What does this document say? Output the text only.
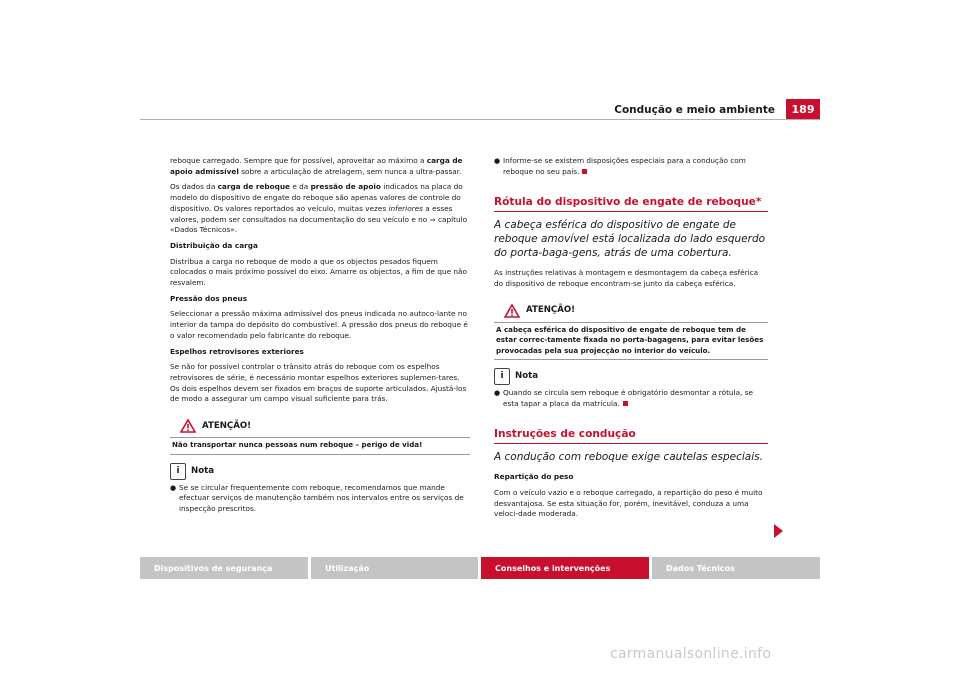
Condução e meio ambiente	189

reboque carregado. Sempre que for possível, aproveitar ao máximo a carga de apoio admissível sobre a articulação de atrelagem, sem nunca a ultra-passar.

Os dados da carga de reboque e da pressão de apoio indicados na placa do modelo do dispositivo de engate do reboque são apenas valores de controle do dispositivo. Os valores reportados ao veículo, muitas vezes inferiores a esses valores, podem ser consultados na documentação do seu veículo e no ⇒ capítulo «Dados Técnicos».

Distribuição da carga

Distribua a carga no reboque de modo a que os objectos pesados fiquem colocados o mais próximo possível do eixo. Amarre os objectos, a fim de que não resvalem.

Pressão dos pneus

Seleccionar a pressão máxima admissível dos pneus indicada no autoco-lante no interior da tampa do depósito do combustível. A pressão dos pneus do reboque é o valor recomendado pelo fabricante do reboque.

Espelhos retrovisores exteriores

Se não for possível controlar o trânsito atrás do reboque com os espelhos retrovisores de série, é necessário montar espelhos exteriores suplemen-tares. Os dois espelhos devem ser fixados em braços de suporte articulados. Ajustá-los de modo a assegurar um campo visual suficiente para trás.

ATENÇÃO!
Não transportar nunca pessoas num reboque – perigo de vida!
i	Nota
● Se se circular frequentemente com reboque, recomendamos que mande efectuar serviços de manutenção também nos intervalos entre os serviços de inspecção prescritos.
● Informe-se se existem disposições especiais para a condução com reboque no seu país.
Rótula do dispositivo de engate de reboque*
A cabeça esférica do dispositivo de engate de reboque amovível está localizada do lado esquerdo do porta-baga-gens, atrás de uma cobertura.

As instruções relativas à montagem e desmontagem da cabeça esférica do dispositivo de reboque encontram-se junto da cabeça esférica.

ATENÇÃO!
A cabeça esférica do dispositivo de engate de reboque tem de estar correc-tamente fixada no porta-bagagens, para evitar lesões provocadas pela sua projecção no interior do veículo.
i	Nota
● Quando se circula sem reboque é obrigatório desmontar a rótula, se esta tapar a placa da matrícula.
Instruções de condução
A condução com reboque exige cautelas especiais.

Repartição do peso

Com o veículo vazio e o reboque carregado, a repartição do peso é muito desvantajosa. Se esta situação for, porém, inevitável, conduza a uma veloci-dade moderada.

Dispositivos de segurança	Utilização	Conselhos e intervenções	Dados Técnicos
carmanualsonline.info
